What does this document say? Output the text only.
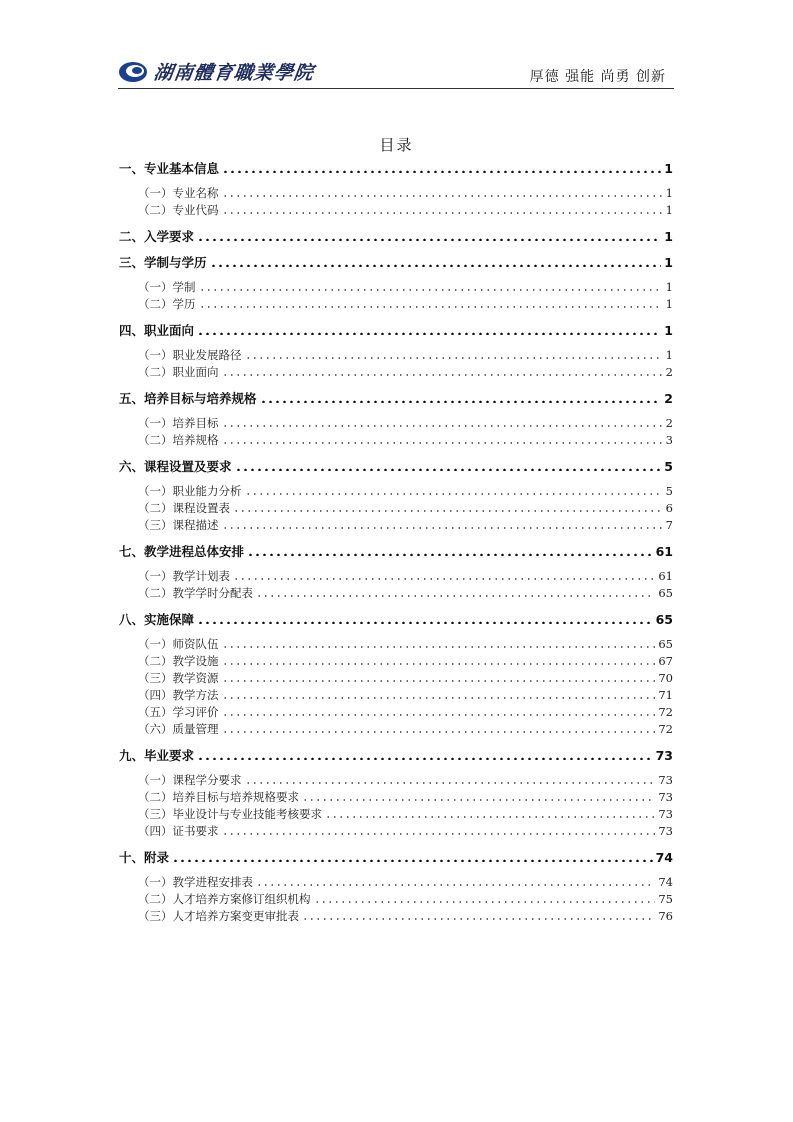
湖南體育職業學院	厚德 强能 尚勇 创新
目录
一、专业基本信息	1
（一）专业名称	1
（二）专业代码	1
二、入学要求	1
三、学制与学历	1
（一）学制	1
（二）学历	1
四、职业面向	1
（一）职业发展路径	1
（二）职业面向	2
五、培养目标与培养规格	2
（一）培养目标	2
（二）培养规格	3
六、课程设置及要求	5
（一）职业能力分析	5
（二）课程设置表	6
（三）课程描述	7
七、教学进程总体安排	61
（一）教学计划表	61
（二）教学学时分配表	65
八、实施保障	65
（一）师资队伍	65
（二）教学设施	67
（三）教学资源	70
（四）教学方法	71
（五）学习评价	72
（六）质量管理	72
九、毕业要求	73
（一）课程学分要求	73
（二）培养目标与培养规格要求	73
（三）毕业设计与专业技能考核要求	73
（四）证书要求	73
十、附录	74
（一）教学进程安排表	74
（二）人才培养方案修订组织机构	75
（三）人才培养方案变更审批表	76
